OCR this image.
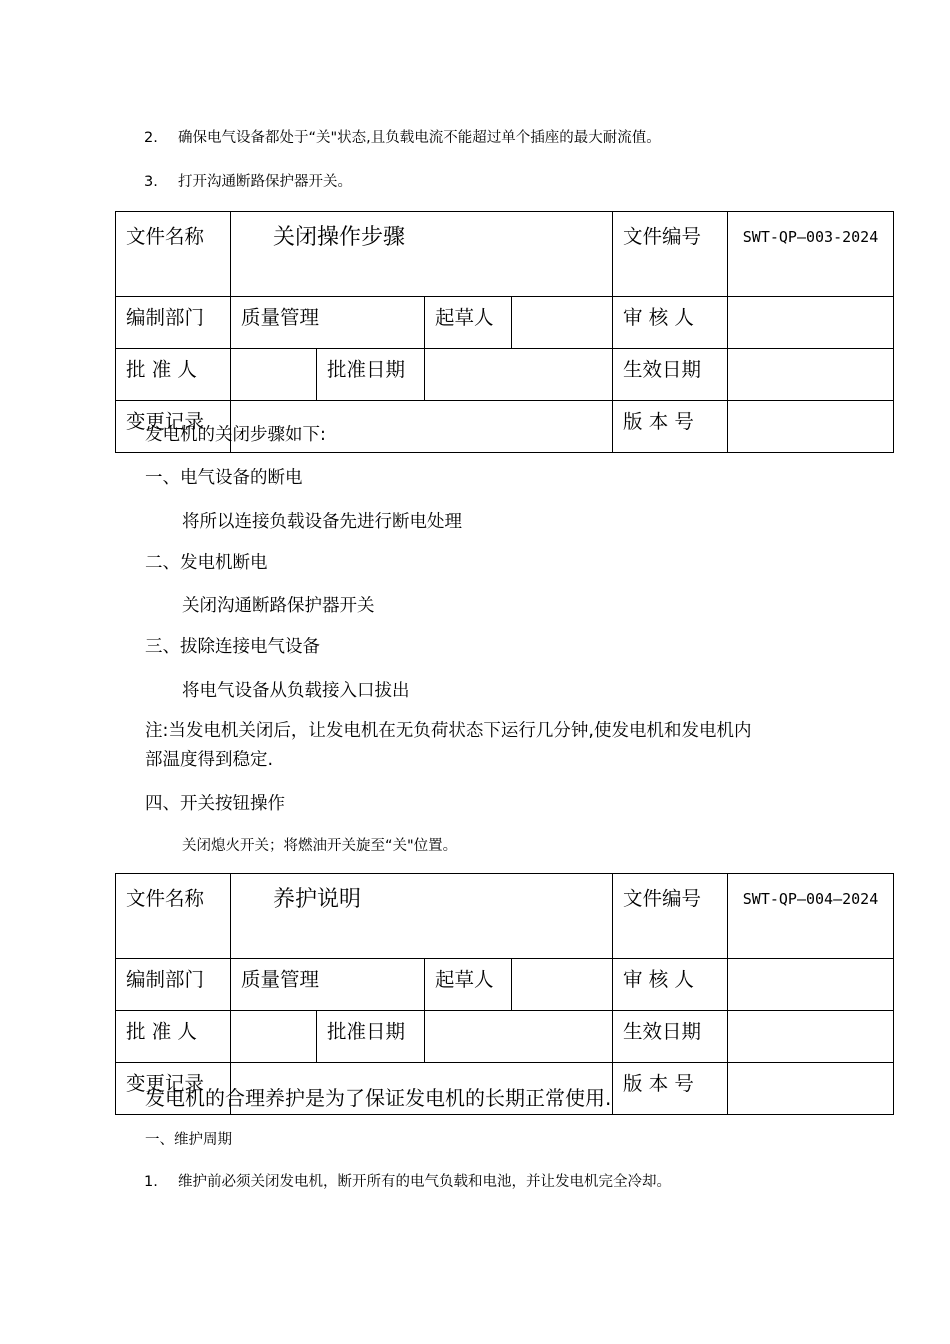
2. 确保电气设备都处于“关"状态,且负载电流不能超过单个插座的最大耐流值。
3. 打开沟通断路保护器开关。
文件名称	关闭操作步骤				文件编号	SWT-QP—003-2024
编制部门	质量管理		起草人		审 核 人	
批 准 人		批准日期			生效日期	
变更记录					版 本 号	
发电机的关闭步骤如下:
一、电气设备的断电
将所以连接负载设备先进行断电处理
二、发电机断电
关闭沟通断路保护器开关
三、拔除连接电气设备
将电气设备从负载接入口拔出
注:当发电机关闭后，让发电机在无负荷状态下运行几分钟,使发电机和发电机内
部温度得到稳定.
四、开关按钮操作
关闭熄火开关；将燃油开关旋至“关"位置。
文件名称	养护说明				文件编号	SWT-QP—004—2024
编制部门	质量管理		起草人		审 核 人	
批 准 人		批准日期			生效日期	
变更记录					版 本 号	
发电机的合理养护是为了保证发电机的长期正常使用.
一、维护周期
1. 维护前必须关闭发电机，断开所有的电气负载和电池，并让发电机完全冷却。
